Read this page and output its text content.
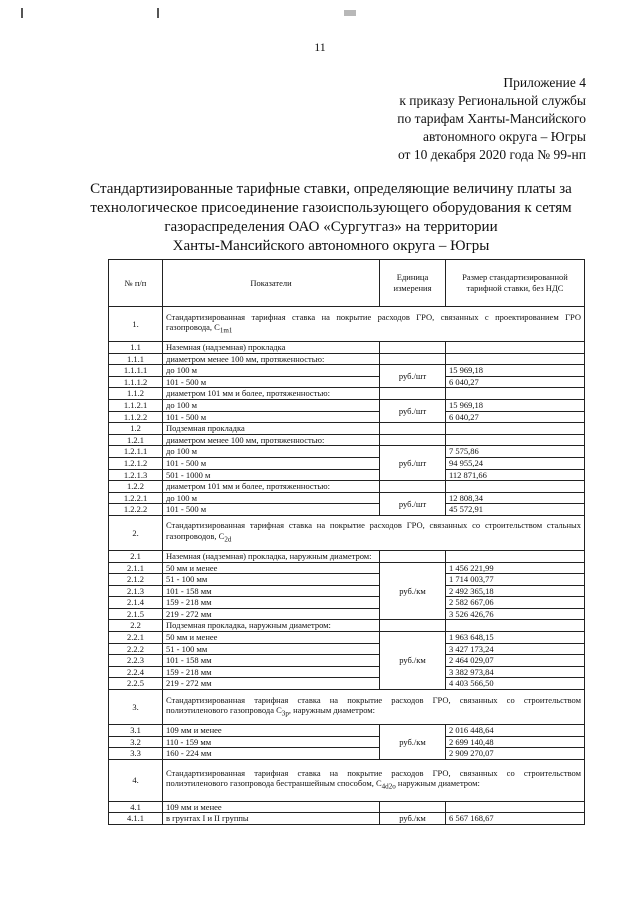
11
Приложение 4
к приказу Региональной службы
по тарифам Ханты-Мансийского
автономного округа – Югры
от 10 декабря 2020 года № 99-нп
Стандартизированные тарифные ставки, определяющие величину платы за
технологическое присоединение газоиспользующего оборудования к сетям
газораспределения ОАО «Сургутгаз» на территории
Ханты-Мансийского автономного округа – Югры
№ п/п	Показатели	Единица измерения	Размер стандартизированной тарифной ставки, без НДС
1.	Стандартизированная тарифная ставка на покрытие расходов ГРО, связанных с проектированием ГРО газопровода, $С_{1m1}$
1.1	Наземная (надземная) прокладка		
1.1.1	диаметром менее 100 мм, протяженностью:		
1.1.1.1	до 100 м	руб./шт	15 969,18
1.1.1.2	101 - 500 м		6 040,27
1.1.2	диаметром 101 мм и более, протяженностью:		
1.1.2.1	до 100 м	руб./шт	15 969,18
1.1.2.2	101 - 500 м		6 040,27
1.2	Подземная прокладка		
1.2.1	диаметром менее 100 мм, протяженностью:		
1.2.1.1	до 100 м	руб./шт	7 575,86
1.2.1.2	101 - 500 м		94 955,24
1.2.1.3	501 - 1000 м		112 871,66
1.2.2	диаметром 101 мм и более, протяженностью:		
1.2.2.1	до 100 м	руб./шт	12 808,34
1.2.2.2	101 - 500 м		45 572,91
2.	Стандартизированная тарифная ставка на покрытие расходов ГРО, связанных со строительством стальных газопроводов, $С_{2d}$
2.1	Наземная (надземная) прокладка, наружным диаметром:		
2.1.1	50 мм и менее	руб./км	1 456 221,99
2.1.2	51 - 100 мм		1 714 003,77
2.1.3	101 - 158 мм		2 492 365,18
2.1.4	159 - 218 мм		2 582 667,06
2.1.5	219 - 272 мм		3 526 426,76
2.2	Подземная прокладка, наружным диаметром:		
2.2.1	50 мм и менее	руб./км	1 963 648,15
2.2.2	51 - 100 мм		3 427 173,24
2.2.3	101 - 158 мм		2 464 029,07
2.2.4	159 - 218 мм		3 382 973,84
2.2.5	219 - 272 мм		4 403 566,50
3.	Стандартизированная тарифная ставка на покрытие расходов ГРО, связанных со строительством полиэтиленового газопровода $С_{3р}$, наружным диаметром:		
3.1	109 мм и менее	руб./км	2 016 448,64
3.2	110 - 159 мм		2 699 140,48
3.3	160 - 224 мм		2 909 270,07
4.	Стандартизированная тарифная ставка на покрытие расходов ГРО, связанных со строительством полиэтиленового газопровода бестраншейным способом, $С_{4d2o}$ наружным диаметром:		
4.1	109 мм и менее		
4.1.1	в грунтах I и II группы	руб./км	6 567 168,67
